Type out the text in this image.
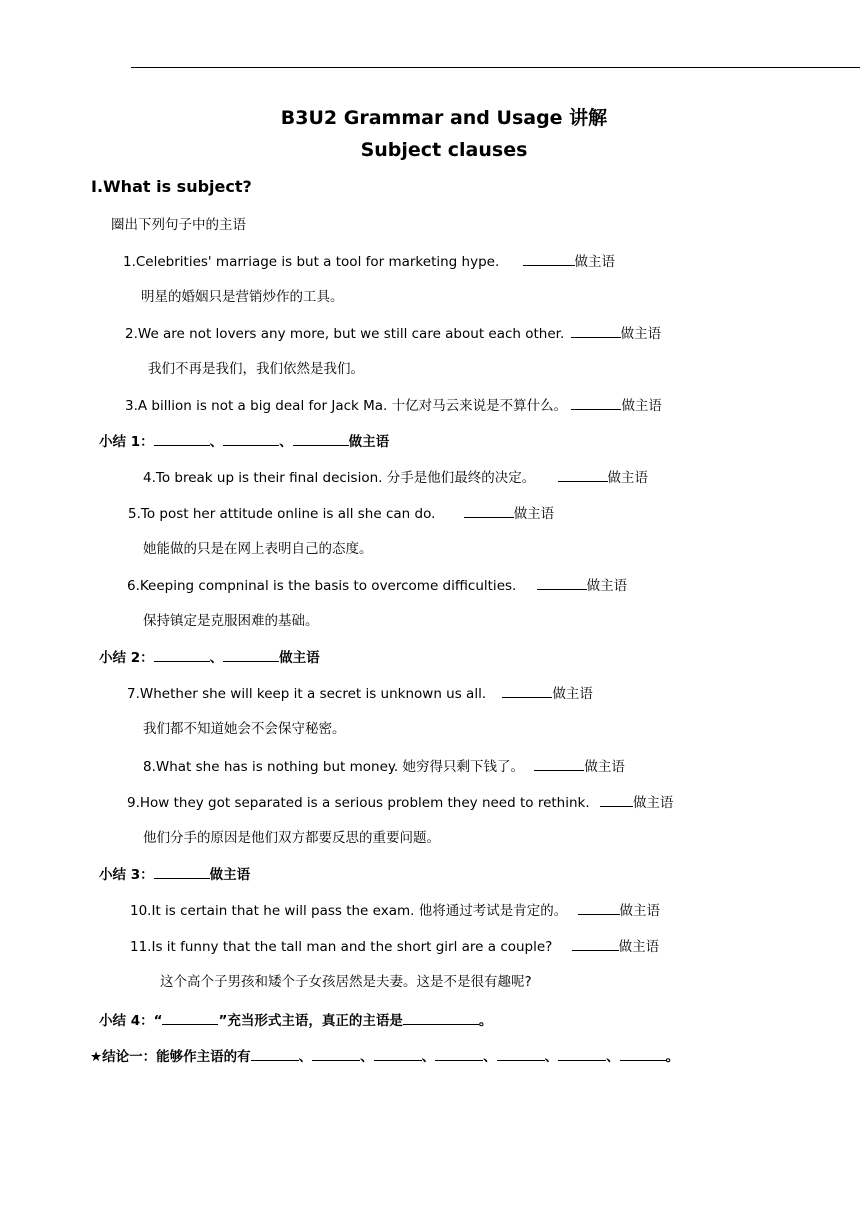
B3U2 Grammar and Usage 讲解
Subject clauses
Ⅰ.What is subject?
圈出下列句子中的主语
1.Celebrities' marriage is but a tool for marketing hype.	做主语
明星的婚姻只是营销炒作的工具。
2.We are not lovers any more, but we still care about each other.	做主语
我们不再是我们，我们依然是我们。
3.A billion is not a big deal for Jack Ma. 十亿对马云来说是不算什么。	做主语
小结 1：	、	、	做主语
4.To break up is their final decision. 分手是他们最终的决定。	做主语
5.To post her attitude online is all she can do.	做主语
她能做的只是在网上表明自己的态度。
6.Keeping compninal is the basis to overcome difficulties.	做主语
保持镇定是克服困难的基础。
小结 2：	、	做主语
7.Whether she will keep it a secret is unknown us all.	做主语
我们都不知道她会不会保守秘密。
8.What she has is nothing but money. 她穷得只剩下钱了。	做主语
9.How they got separated is a serious problem they need to rethink.	做主语
他们分手的原因是他们双方都要反思的重要问题。
小结 3：	做主语
10.It is certain that he will pass the exam. 他将通过考试是肯定的。	做主语
11.Is it funny that the tall man and the short girl are a couple?	做主语
这个高个子男孩和矮个子女孩居然是夫妻。这是不是很有趣呢?
小结 4：“	”充当形式主语，真正的主语是	。
★结论一：能够作主语的有	、	、	、	、	、	、	。
